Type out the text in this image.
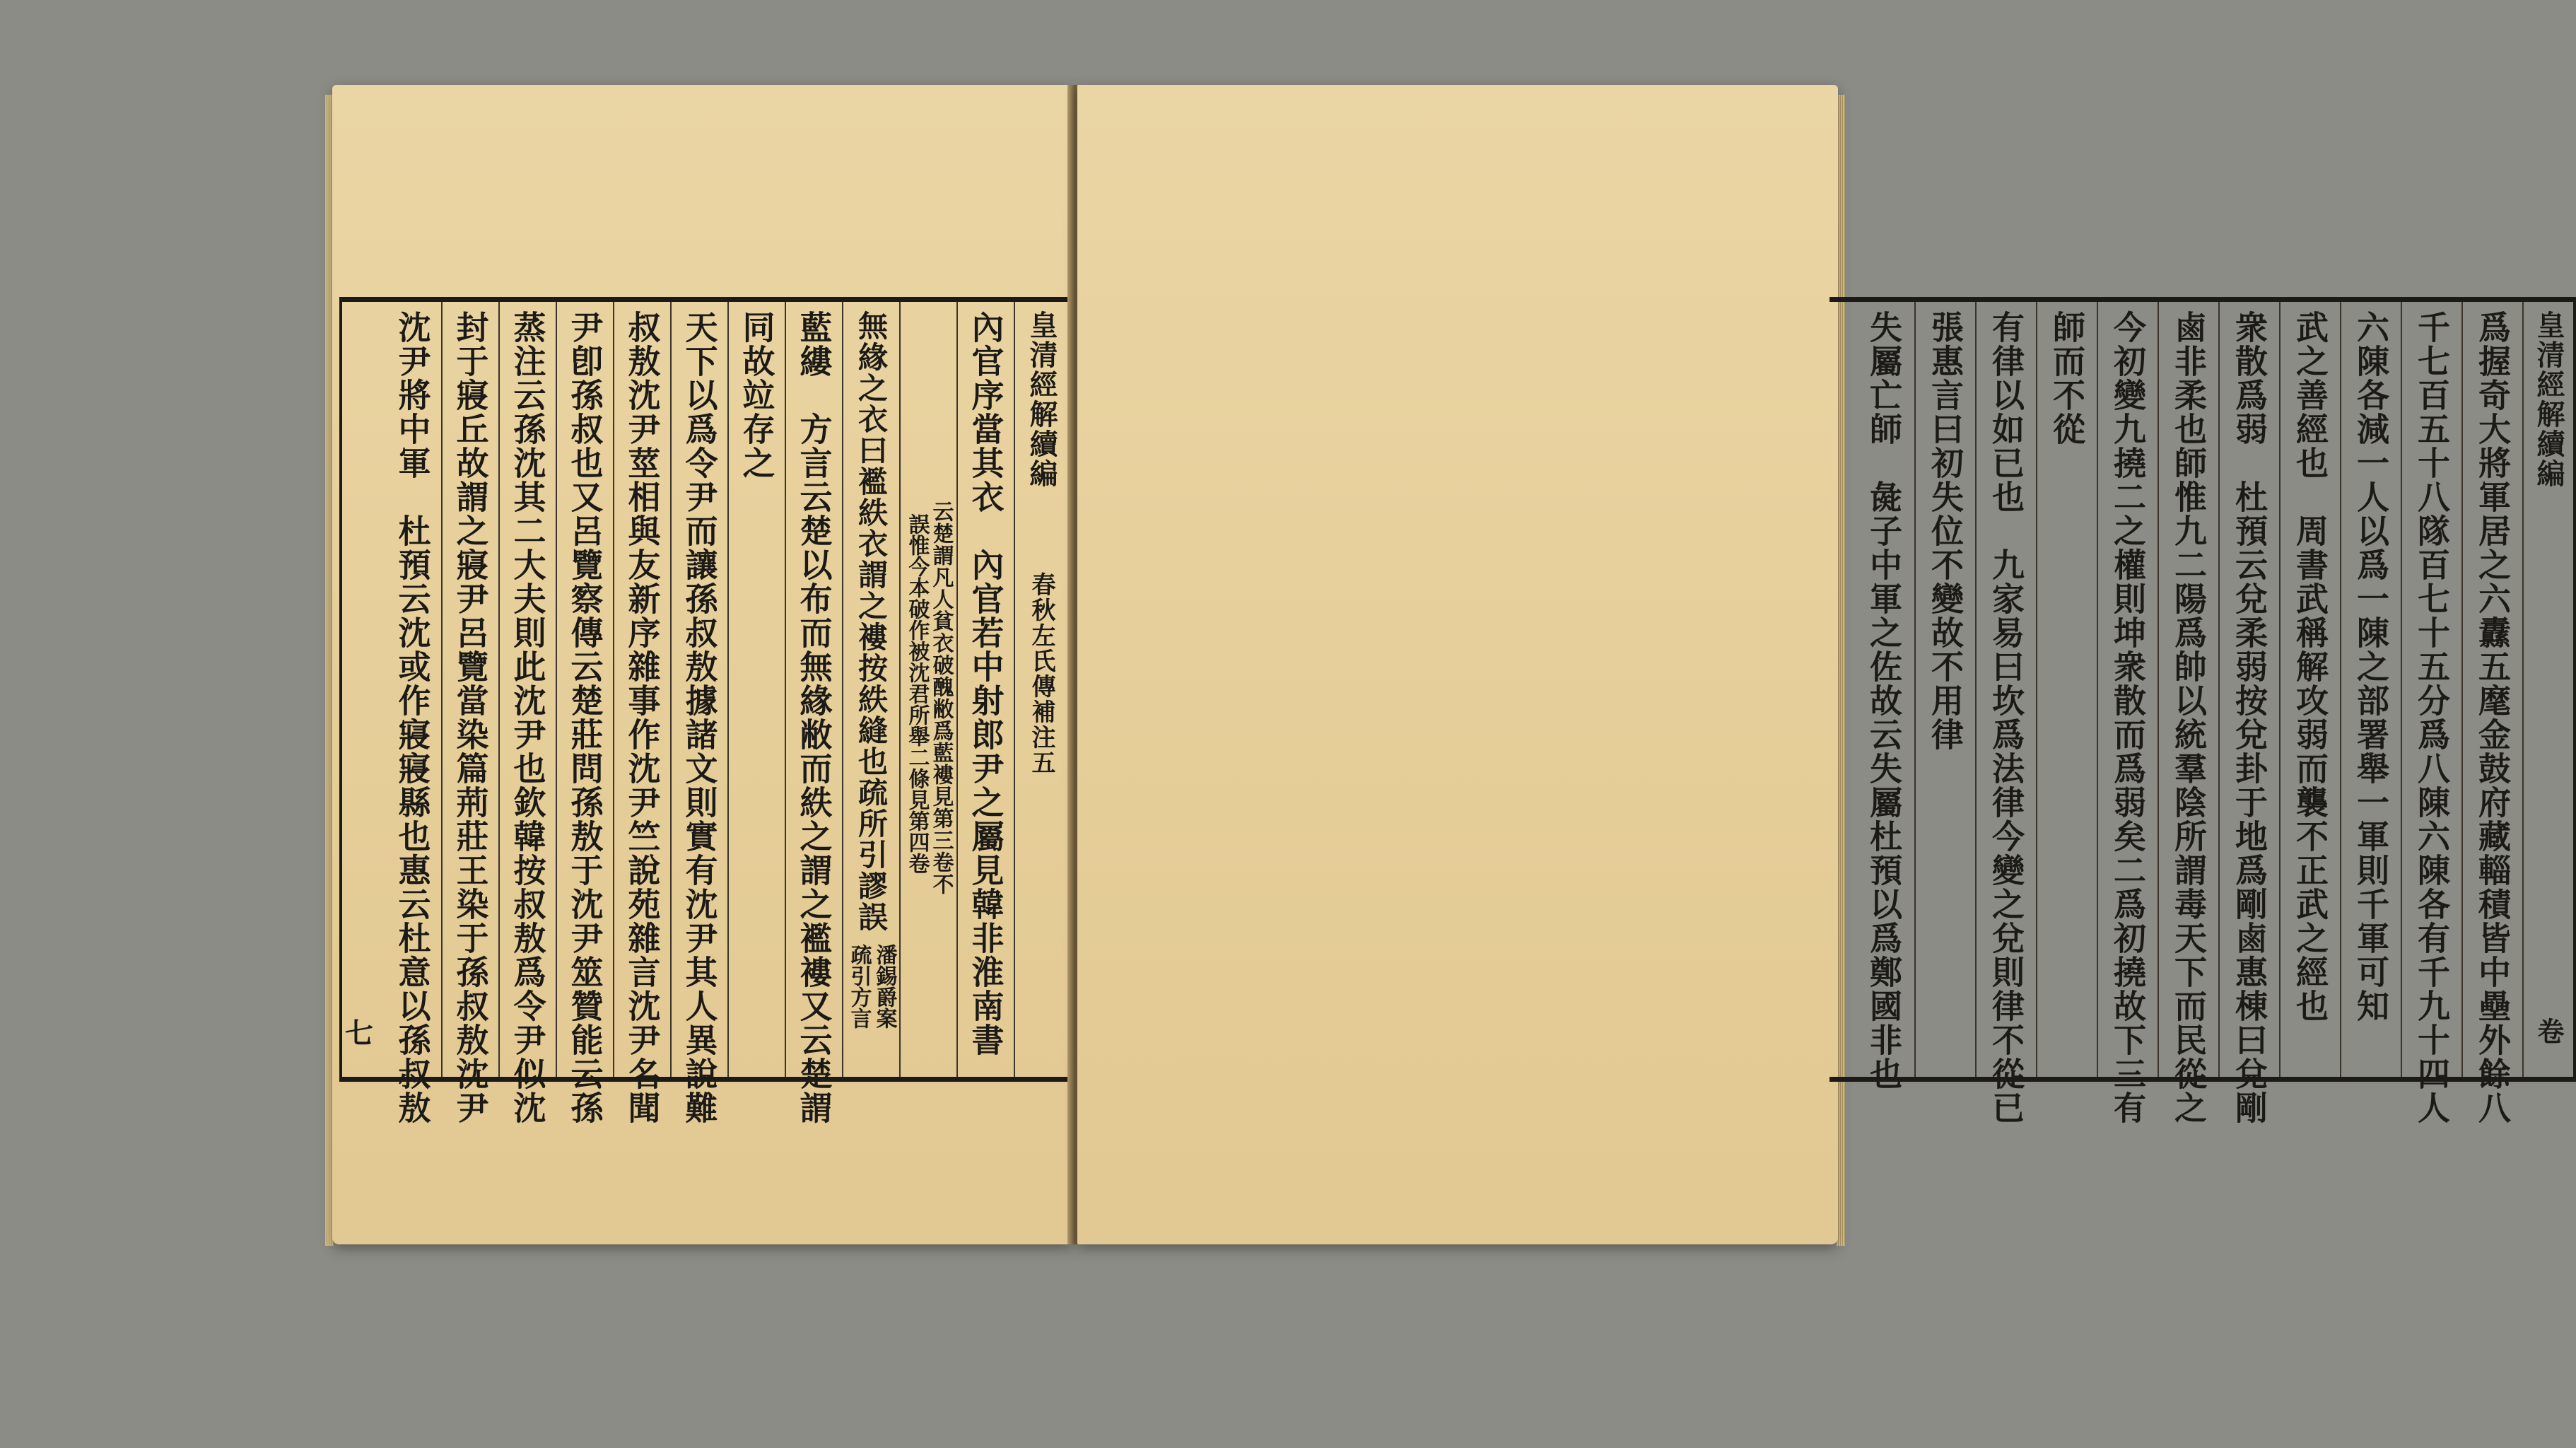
皇清經解續編
春秋左氏傳補注五
內官序當其衣　內官若中射郎尹之屬見韓非淮南書
云楚謂凡人貧衣破醜敝爲藍褸見第三卷不
誤惟今本破作被沈君所舉二條見第四卷
無緣之衣曰襤紩衣謂之褸按紩縫也疏所引謬誤
潘錫爵案
疏引方言
藍縷　方言云楚以布而無緣敝而紩之謂之襤褸又云楚謂
同故竝存之
天下以爲令尹而讓孫叔敖據諸文則實有沈尹其人異說難
叔敖沈尹莖相與友新序雜事作沈尹竺說苑雜言沈尹名聞
尹卽孫叔也又呂覽察傳云楚莊問孫敖于沈尹筮贊能云孫
蒸注云孫沈其二大夫則此沈尹也欽韓按叔敖爲令尹似沈
封于寢丘故謂之寢尹呂覽當染篇荊莊王染于孫叔敖沈尹
沈尹將中軍　杜預云沈或作寢寢縣也惠云杜意以孫叔敖
七
皇清經解續編
卷
爲握奇大將軍居之六纛五麾金鼓府藏輜積皆中壘外餘八
千七百五十八隊百七十五分爲八陳六陳各有千九十四人
六陳各減一人以爲一陳之部署舉一軍則千軍可知
武之善經也　周書武稱解攻弱而襲不正武之經也
衆散爲弱　杜預云兌柔弱按兌卦于地爲剛鹵惠棟曰兌剛
鹵非柔也師惟九二陽爲帥以統羣陰所謂毒天下而民從之
今初變九撓二之權則坤衆散而爲弱矣二爲初撓故下三有
師而不從
有律以如已也　九家易曰坎爲法律今變之兌則律不從已
張惠言曰初失位不變故不用律
失屬亡師　彘子中軍之佐故云失屬杜預以爲鄭國非也
